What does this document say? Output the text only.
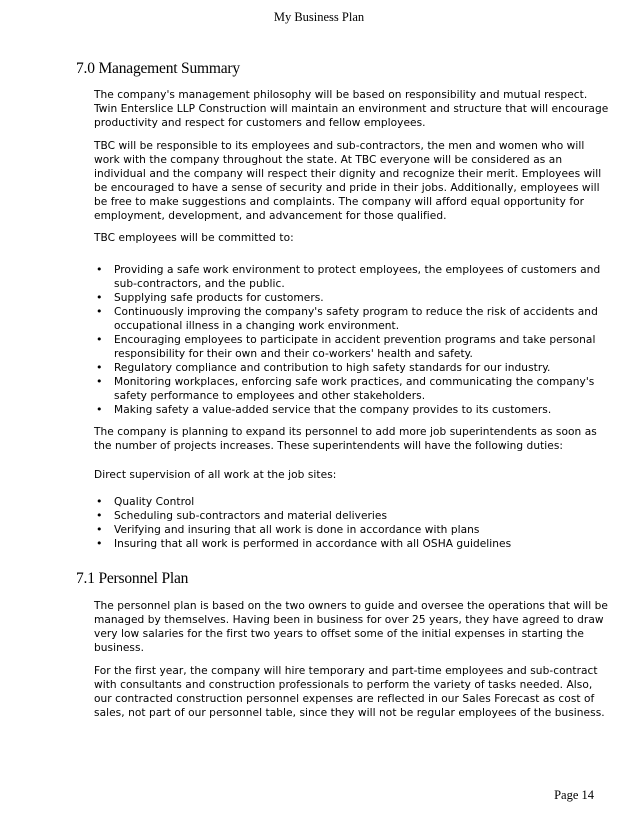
My Business Plan
7.0 Management Summary

The company's management philosophy will be based on responsibility and mutual respect. Twin Enterslice LLP Construction will maintain an environment and structure that will encourage productivity and respect for customers and fellow employees.

TBC will be responsible to its employees and sub-contractors, the men and women who will work with the company throughout the state. At TBC everyone will be considered as an individual and the company will respect their dignity and recognize their merit. Employees will be encouraged to have a sense of security and pride in their jobs. Additionally, employees will be free to make suggestions and complaints. The company will afford equal opportunity for employment, development, and advancement for those qualified.

TBC employees will be committed to:

• Providing a safe work environment to protect employees, the employees of customers and sub-contractors, and the public.
• Supplying safe products for customers.
• Continuously improving the company's safety program to reduce the risk of accidents and occupational illness in a changing work environment.
• Encouraging employees to participate in accident prevention programs and take personal responsibility for their own and their co-workers' health and safety.
• Regulatory compliance and contribution to high safety standards for our industry.
• Monitoring workplaces, enforcing safe work practices, and communicating the company's safety performance to employees and other stakeholders.
• Making safety a value-added service that the company provides to its customers.

The company is planning to expand its personnel to add more job superintendents as soon as the number of projects increases. These superintendents will have the following duties:

Direct supervision of all work at the job sites:

• Quality Control
• Scheduling sub-contractors and material deliveries
• Verifying and insuring that all work is done in accordance with plans
• Insuring that all work is performed in accordance with all OSHA guidelines
7.1 Personnel Plan

The personnel plan is based on the two owners to guide and oversee the operations that will be managed by themselves. Having been in business for over 25 years, they have agreed to draw very low salaries for the first two years to offset some of the initial expenses in starting the business.

For the first year, the company will hire temporary and part-time employees and sub-contract with consultants and construction professionals to perform the variety of tasks needed. Also, our contracted construction personnel expenses are reflected in our Sales Forecast as cost of sales, not part of our personnel table, since they will not be regular employees of the business.

Page 14
